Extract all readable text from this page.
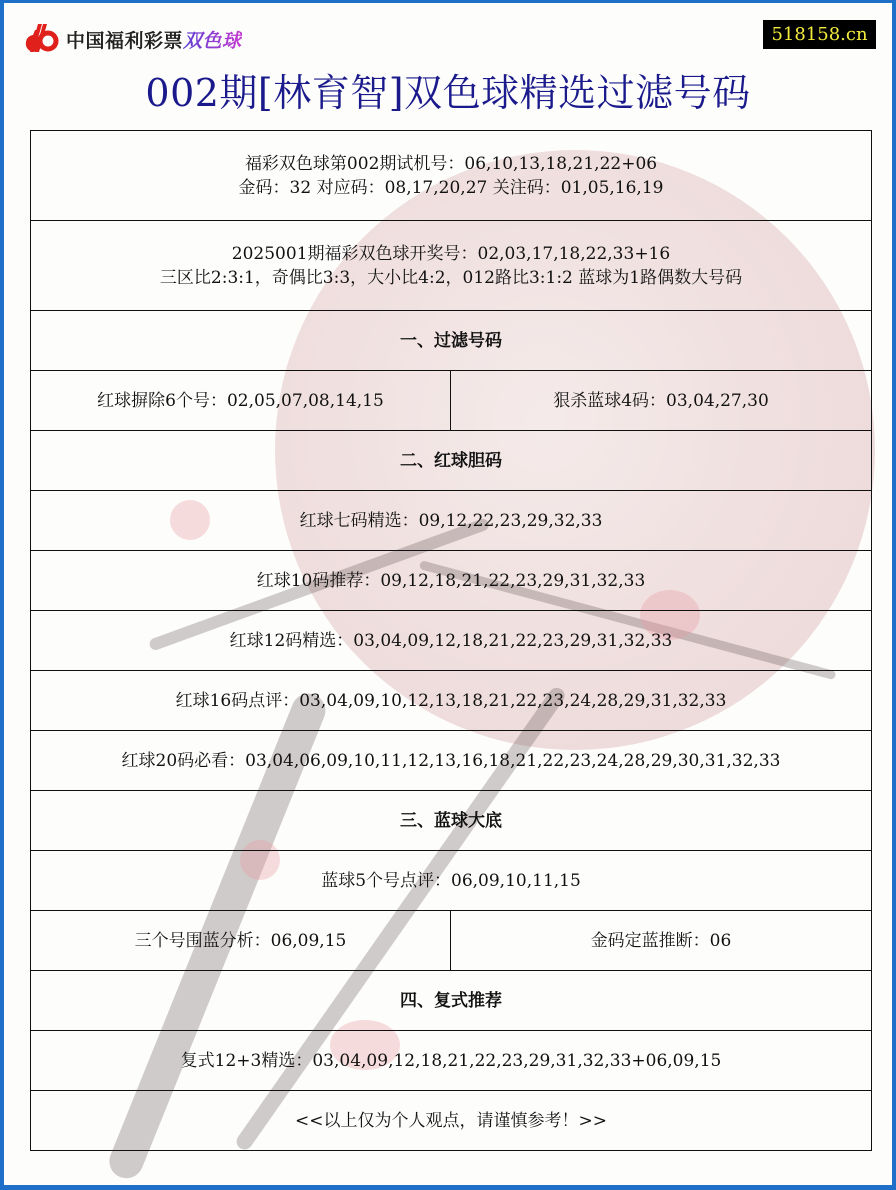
中国福利彩票双色球	518158.cn
002期[林育智]双色球精选过滤号码
福彩双色球第002期试机号：06,10,13,18,21,22+06
金码：32 对应码：08,17,20,27 关注码：01,05,16,19	

2025001期福彩双色球开奖号：02,03,17,18,22,33+16
三区比2:3:1，奇偶比3:3，大小比4:2，012路比3:1:2 蓝球为1路偶数大号码	

一、过滤号码	
红球摒除6个号：02,05,07,08,14,15	狠杀蓝球4码：03,04,27,30
二、红球胆码	
红球七码精选：09,12,22,23,29,32,33	
红球10码推荐：09,12,18,21,22,23,29,31,32,33	
红球12码精选：03,04,09,12,18,21,22,23,29,31,32,33	
红球16码点评：03,04,09,10,12,13,18,21,22,23,24,28,29,31,32,33	
红球20码必看：03,04,06,09,10,11,12,13,16,18,21,22,23,24,28,29,30,31,32,33	
三、蓝球大底	
蓝球5个号点评：06,09,10,11,15	
三个号围蓝分析：06,09,15	金码定蓝推断：06
四、复式推荐	
复式12+3精选：03,04,09,12,18,21,22,23,29,31,32,33+06,09,15	
<<以上仅为个人观点，请谨慎参考！>>	
